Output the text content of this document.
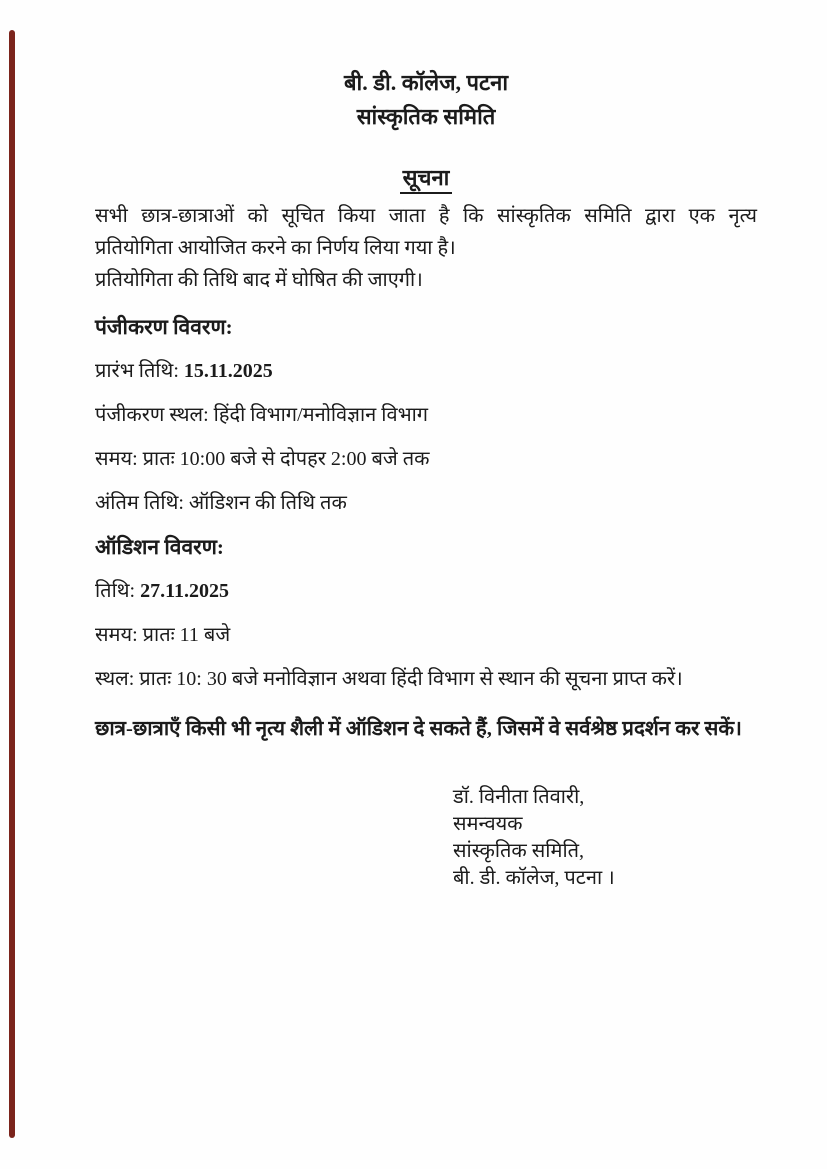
बी. डी. कॉलेज, पटना
सांस्कृतिक समिति
सूचना
सभी छात्र-छात्राओं को सूचित किया जाता है कि सांस्कृतिक समिति द्वारा एक नृत्य
प्रतियोगिता आयोजित करने का निर्णय लिया गया है।
प्रतियोगिता की तिथि बाद में घोषित की जाएगी।
पंजीकरण विवरण:
प्रारंभ तिथि: 15.11.2025
पंजीकरण स्थल: हिंदी विभाग/मनोविज्ञान विभाग
समय: प्रातः 10:00 बजे से दोपहर 2:00 बजे तक
अंतिम तिथि: ऑडिशन की तिथि तक
ऑडिशन विवरण:
तिथि: 27.11.2025
समय: प्रातः 11 बजे
स्थल: प्रातः 10: 30 बजे मनोविज्ञान अथवा हिंदी विभाग से स्थान की सूचना प्राप्त करें।
छात्र-छात्राएँ किसी भी नृत्य शैली में ऑडिशन दे सकते हैं, जिसमें वे सर्वश्रेष्ठ प्रदर्शन कर सकें।
डॉ. विनीता तिवारी,
समन्वयक
सांस्कृतिक समिति,
बी. डी. कॉलेज, पटना ।
